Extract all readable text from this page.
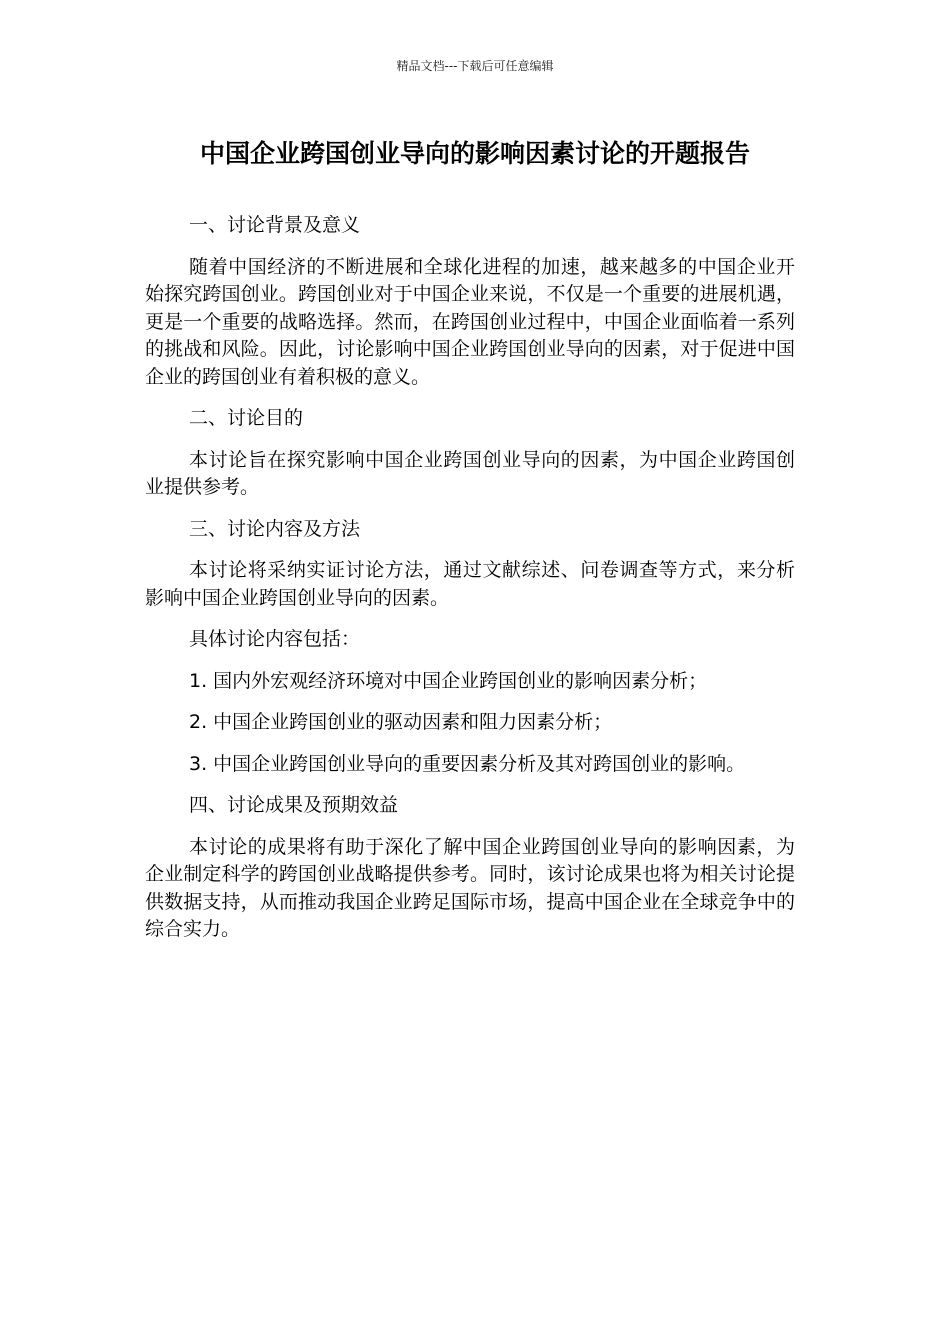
精品文档---下载后可任意编辑
中国企业跨国创业导向的影响因素讨论的开题报告

一、讨论背景及意义

随着中国经济的不断进展和全球化进程的加速，越来越多的中国企业开始探究跨国创业。跨国创业对于中国企业来说，不仅是一个重要的进展机遇，更是一个重要的战略选择。然而，在跨国创业过程中，中国企业面临着一系列的挑战和风险。因此，讨论影响中国企业跨国创业导向的因素，对于促进中国企业的跨国创业有着积极的意义。

二、讨论目的

本讨论旨在探究影响中国企业跨国创业导向的因素，为中国企业跨国创业提供参考。

三、讨论内容及方法

本讨论将采纳实证讨论方法，通过文献综述、问卷调查等方式，来分析影响中国企业跨国创业导向的因素。

具体讨论内容包括：

1. 国内外宏观经济环境对中国企业跨国创业的影响因素分析；

2. 中国企业跨国创业的驱动因素和阻力因素分析；

3. 中国企业跨国创业导向的重要因素分析及其对跨国创业的影响。

四、讨论成果及预期效益

本讨论的成果将有助于深化了解中国企业跨国创业导向的影响因素，为企业制定科学的跨国创业战略提供参考。同时，该讨论成果也将为相关讨论提供数据支持，从而推动我国企业跨足国际市场，提高中国企业在全球竞争中的综合实力。
